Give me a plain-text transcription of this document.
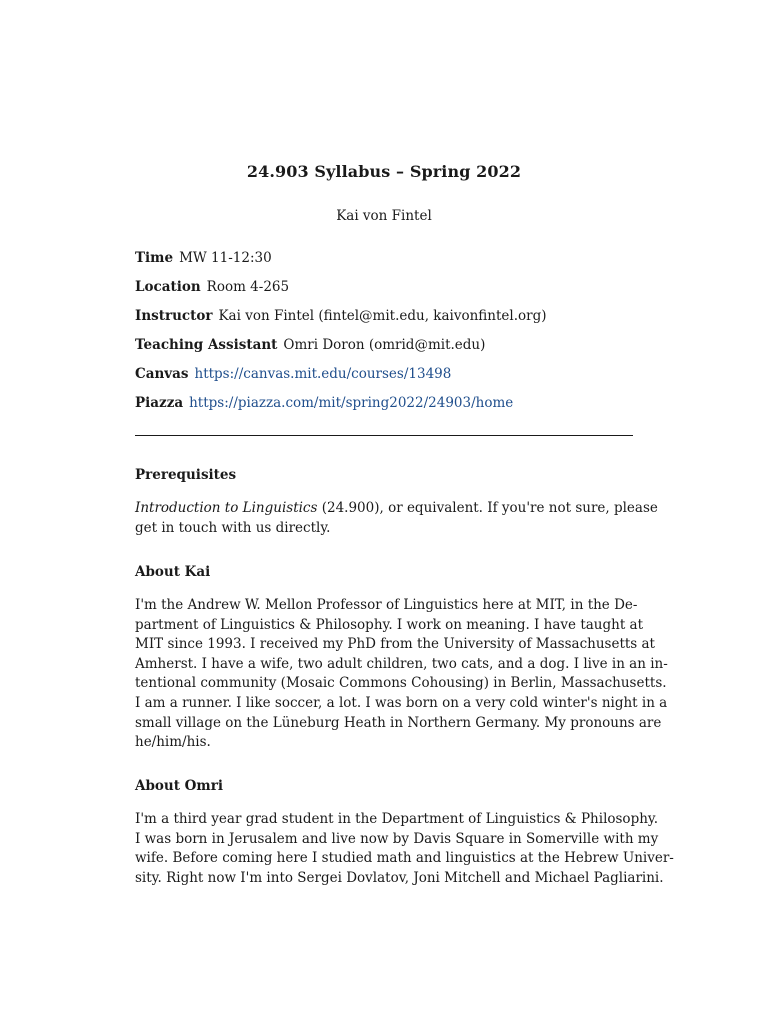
24.903 Syllabus – Spring 2022
Kai von Fintel
Time MW 11-12:30
Location Room 4-265
Instructor Kai von Fintel (fintel@mit.edu, kaivonfintel.org)
Teaching Assistant Omri Doron (omrid@mit.edu)
Canvas https://canvas.mit.edu/courses/13498
Piazza https://piazza.com/mit/spring2022/24903/home
Prerequisites
Introduction to Linguistics (24.900), or equivalent. If you're not sure, please
get in touch with us directly.
About Kai
I'm the Andrew W. Mellon Professor of Linguistics here at MIT, in the De-
partment of Linguistics & Philosophy. I work on meaning. I have taught at
MIT since 1993. I received my PhD from the University of Massachusetts at
Amherst. I have a wife, two adult children, two cats, and a dog. I live in an in-
tentional community (Mosaic Commons Cohousing) in Berlin, Massachusetts.
I am a runner. I like soccer, a lot. I was born on a very cold winter's night in a
small village on the Lüneburg Heath in Northern Germany. My pronouns are
he/him/his.
About Omri
I'm a third year grad student in the Department of Linguistics & Philosophy.
I was born in Jerusalem and live now by Davis Square in Somerville with my
wife. Before coming here I studied math and linguistics at the Hebrew Univer-
sity. Right now I'm into Sergei Dovlatov, Joni Mitchell and Michael Pagliarini.
